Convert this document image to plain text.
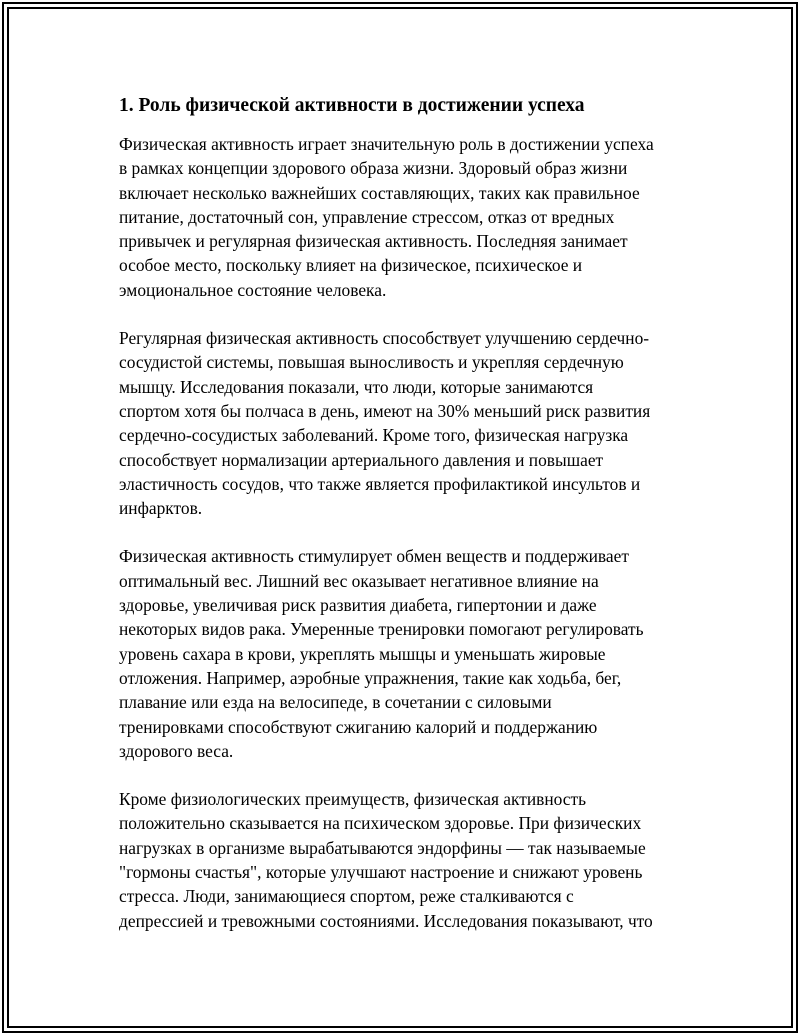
1. Роль физической активности в достижении успеха
Физическая активность играет значительную роль в достижении успеха
в рамках концепции здорового образа жизни. Здоровый образ жизни
включает несколько важнейших составляющих, таких как правильное
питание, достаточный сон, управление стрессом, отказ от вредных
привычек и регулярная физическая активность. Последняя занимает
особое место, поскольку влияет на физическое, психическое и
эмоциональное состояние человека.
Регулярная физическая активность способствует улучшению сердечно-
сосудистой системы, повышая выносливость и укрепляя сердечную
мышцу. Исследования показали, что люди, которые занимаются
спортом хотя бы полчаса в день, имеют на 30% меньший риск развития
сердечно-сосудистых заболеваний. Кроме того, физическая нагрузка
способствует нормализации артериального давления и повышает
эластичность сосудов, что также является профилактикой инсультов и
инфарктов.
Физическая активность стимулирует обмен веществ и поддерживает
оптимальный вес. Лишний вес оказывает негативное влияние на
здоровье, увеличивая риск развития диабета, гипертонии и даже
некоторых видов рака. Умеренные тренировки помогают регулировать
уровень сахара в крови, укреплять мышцы и уменьшать жировые
отложения. Например, аэробные упражнения, такие как ходьба, бег,
плавание или езда на велосипеде, в сочетании с силовыми
тренировками способствуют сжиганию калорий и поддержанию
здорового веса.
Кроме физиологических преимуществ, физическая активность
положительно сказывается на психическом здоровье. При физических
нагрузках в организме вырабатываются эндорфины — так называемые
"гормоны счастья", которые улучшают настроение и снижают уровень
стресса. Люди, занимающиеся спортом, реже сталкиваются с
депрессией и тревожными состояниями. Исследования показывают, что
